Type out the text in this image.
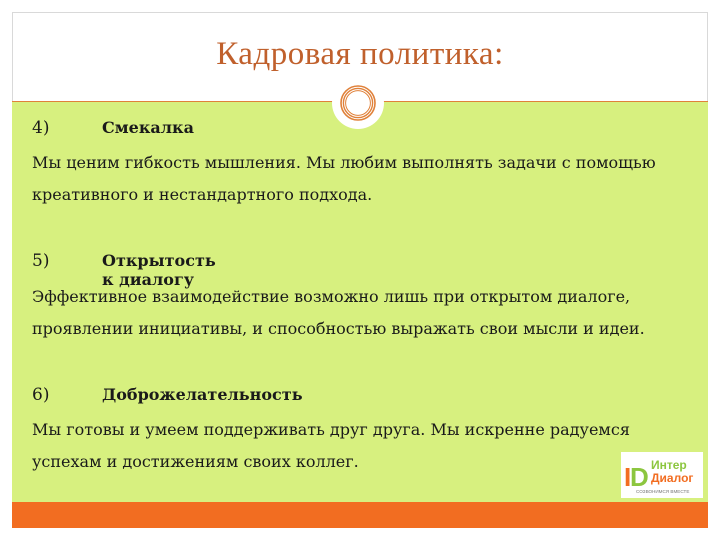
Кадровая политика:
4)	Смекалка
Мы ценим гибкость мышления. Мы любим выполнять задачи с помощью
креативного и нестандартного подхода.
5)	Открытость к диалогу
Эффективное взаимодействие возможно лишь при открытом диалоге,
проявлении инициативы, и способностью выражать свои мысли и идеи.
6)	Доброжелательность
Мы готовы и умеем поддерживать друг друга. Мы искренне радуемся
успехам и достижениям своих коллег.
I
D Интер
Диалог
СОЗВОНИМСЯ ВМЕСТЕ
